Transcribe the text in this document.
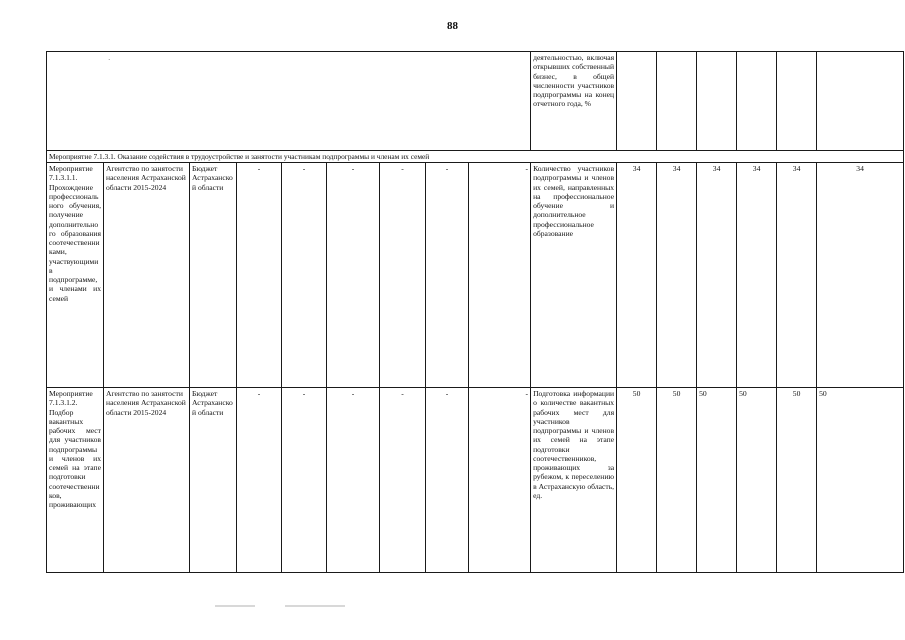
88
·
									деятельностью, включая открывших собственный бизнес, в общей численности участников подпрограммы на конец отчетного года, %						
Мероприятие 7.1.3.1. Оказание содействия в трудоустройстве и занятости участникам подпрограммы и членам их семей															
Мероприятие 7.1.3.1.1. Прохождение профессионального обучения, получение дополнительного образования соотечественниками, участвующими в подпрограмме, и членами их семей	Агентство по занятости населения Астраханской области 2015-2024	Бюджет Астраханской области	-	-	-	-	-	-	Количество участников подпрограммы и членов их семей, направленных на профессиональное обучение и дополнительное профессиональное образование	34	34	34	34	34	34
Мероприятие 7.1.3.1.2. Подбор вакантных рабочих мест для участников подпрограммы и членов их семей на этапе подготовки соотечественников, проживающих	Агентство по занятости населения Астраханской области 2015-2024	Бюджет Астраханской области	-	-	-	-	-	-	Подготовка информации о количестве вакантных рабочих мест для участников подпрограммы и членов их семей на этапе подготовки соотечественников, проживающих за рубежом, к переселению в Астраханскую область, ед.	50	50	50	50	50	50
